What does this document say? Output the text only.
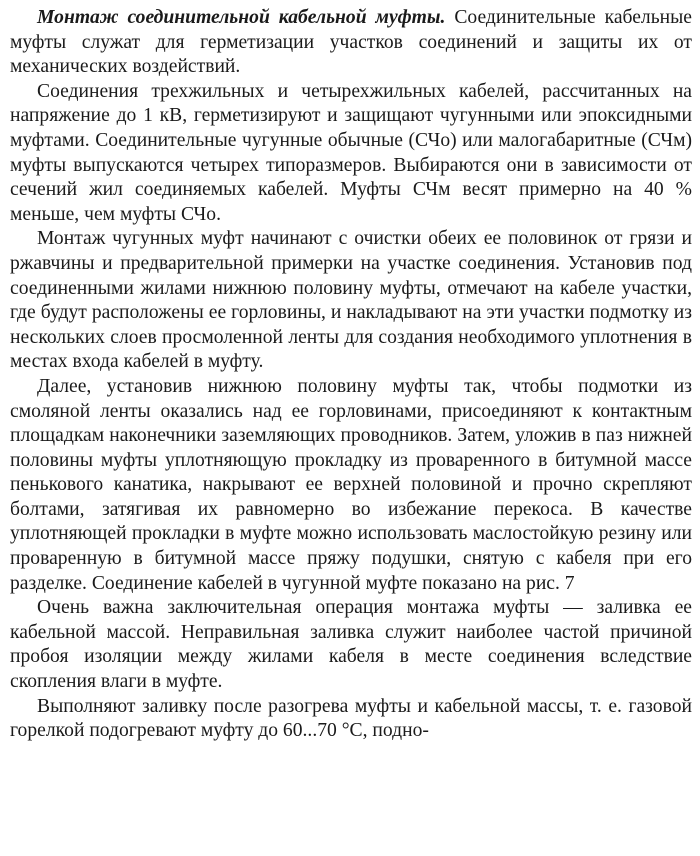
Монтаж соединительной кабельной муфты. Соединительные кабельные муфты служат для герметизации участков соединений и защиты их от механических воздействий.

Соединения трехжильных и четырехжильных кабелей, рассчитанных на напряжение до 1 кВ, герметизируют и защищают чугунными или эпоксидными муфтами. Соединительные чугунные обычные (СЧо) или малогабаритные (СЧм) муфты выпускаются четырех типоразмеров. Выбираются они в зависимости от сечений жил соединяемых кабелей. Муфты СЧм весят примерно на 40 % меньше, чем муфты СЧо.

Монтаж чугунных муфт начинают с очистки обеих ее половинок от грязи и ржавчины и предварительной примерки на участке соединения. Установив под соединенными жилами нижнюю половину муфты, отмечают на кабеле участки, где будут расположены ее горловины, и накладывают на эти участки подмотку из нескольких слоев просмоленной ленты для создания необходимого уплотнения в местах входа кабелей в муфту.

Далее, установив нижнюю половину муфты так, чтобы подмотки из смоляной ленты оказались над ее горловинами, присоединяют к контактным площадкам наконечники заземляющих проводников. Затем, уложив в паз нижней половины муфты уплотняющую прокладку из проваренного в битумной массе пенькового канатика, накрывают ее верхней половиной и прочно скрепляют болтами, затягивая их равномерно во избежание перекоса. В качестве уплотняющей прокладки в муфте можно использовать маслостойкую резину или проваренную в битумной массе пряжу подушки, снятую с кабеля при его разделке. Соединение кабелей в чугунной муфте показано на рис. 7

Очень важна заключительная операция монтажа муфты — заливка ее кабельной массой. Неправильная заливка служит наиболее частой причиной пробоя изоляции между жилами кабеля в месте соединения вследствие скопления влаги в муфте.

Выполняют заливку после разогрева муфты и кабельной массы, т. е. газовой горелкой подогревают муфту до 60...70 °С, подно-
